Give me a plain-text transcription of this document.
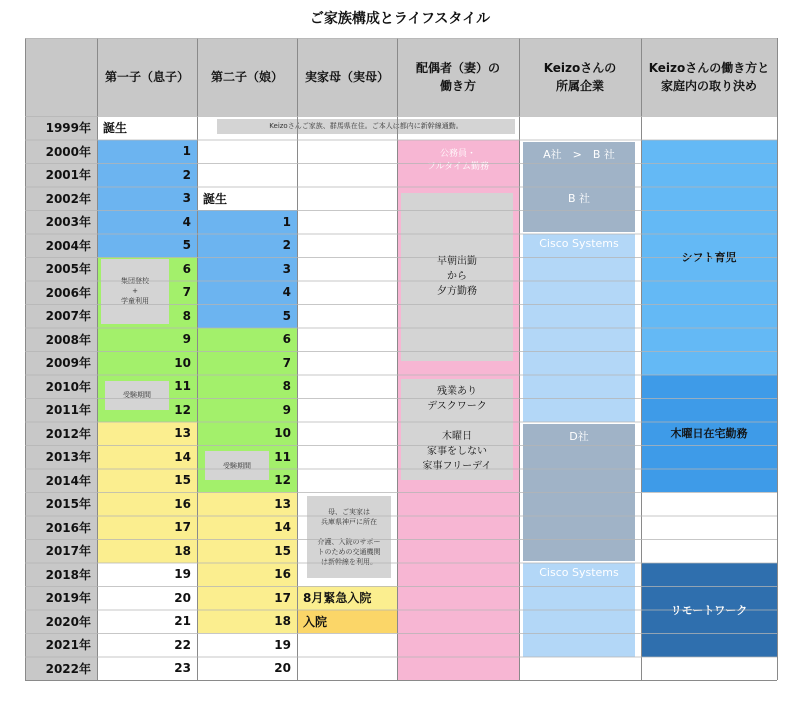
ご家族構成とライフスタイル
第一子（息子）	第二子（娘）	実家母（実母）
配偶者（妻）の
働き方
Keizoさんの
所属企業
Keizoさんの働き方と
家庭内の取り決め
1999年
2000年
2001年
2002年
2003年
2004年
2005年
2006年
2007年
2008年
2009年
2010年
2011年
2012年
2013年
2014年
2015年
2016年
2017年
2018年
2019年
2020年
2021年
2022年
誕生
1
2
3
4
5
6
7
8
9
10
11
12
13
14
15
16
17
18
19
20
21
22
23
集団登校
+
学童利用
受験期間
誕生
1
2
3
4
5
6
7
8
9
10
11
12
13
14
15
16
17
18
19
20
受験期間
Keizoさんご家族、群馬県在住。ご本人は都内に新幹線通勤。
母、ご実家は
兵庫県神戸に所在

介護、入院のサポー
トのための交通機関
は新幹線を利用。
8月緊急入院
入院
公務員・
フルタイム勤務
早朝出勤
から
夕方勤務
残業あり
デスクワーク

木曜日
家事をしない
家事フリーデイ
A社　>　B 社
B 社
Cisco Systems
D社
Cisco Systems
シフト育児
木曜日在宅勤務
リモートワーク
